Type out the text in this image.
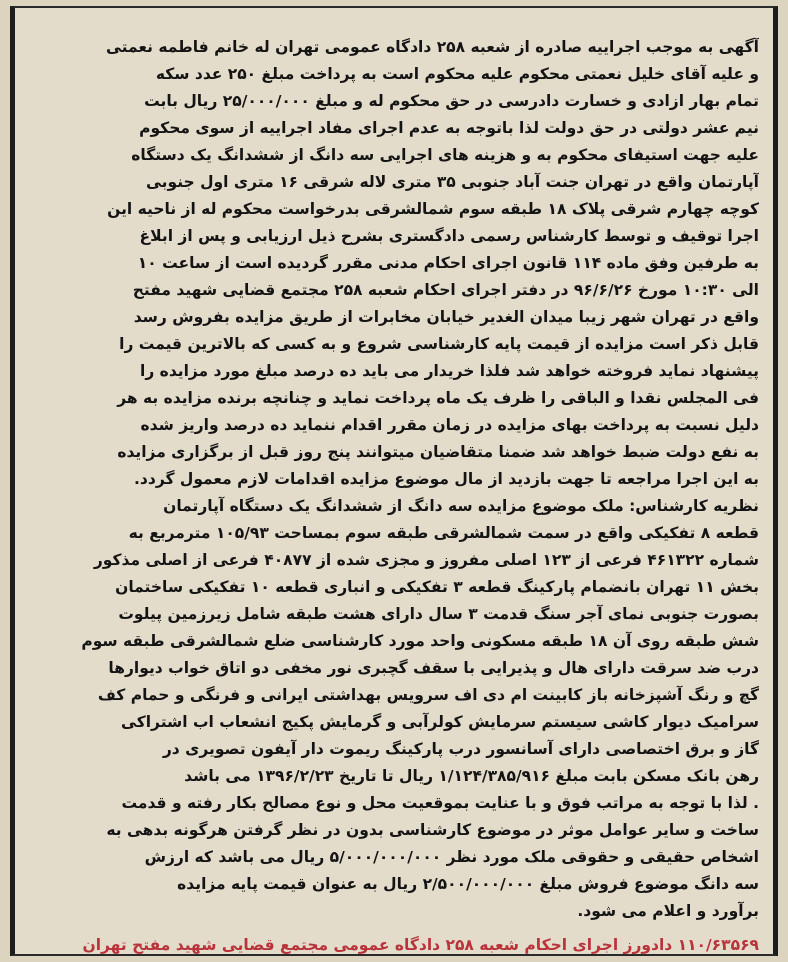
آگهی به موجب اجراییه صادره از شعبه ۲۵۸ دادگاه عمومی تهران له خانم فاطمه نعمتی
و علیه آقای خلیل نعمتی محکوم علیه محکوم است به پرداخت مبلغ ۲۵۰ عدد سکه
تمام بهار ازادی و خسارت دادرسی در حق محکوم له و مبلغ ۲۵/۰۰۰/۰۰۰ ریال بابت
نیم عشر دولتی در حق دولت لذا باتوجه به عدم اجرای مفاد اجراییه از سوی محکوم
علیه جهت استیفای محکوم به و هزینه های اجرایی سه دانگ از ششدانگ یک دستگاه
آپارتمان واقع در تهران جنت آباد جنوبی ۳۵ متری لاله شرقی ۱۶ متری اول جنوبی
کوچه چهارم شرقی پلاک ۱۸ طبقه سوم شمالشرقی بدرخواست محکوم له از ناحیه این
اجرا توقیف و توسط کارشناس رسمی دادگستری بشرح ذیل ارزیابی و پس از ابلاغ
به طرفین وفق ماده ۱۱۴ قانون اجرای احکام مدنی مقرر گردیده است از ساعت ۱۰
الی ۱۰:۳۰ مورخ ۹۶/۶/۲۶ در دفتر اجرای احکام شعبه ۲۵۸ مجتمع قضایی شهید مفتح
واقع در تهران شهر زیبا میدان الغدیر خیابان مخابرات از طریق مزایده بفروش رسد
قابل ذکر است مزایده از قیمت پایه کارشناسی شروع و به کسی که بالاترین قیمت را
پیشنهاد نماید فروخته خواهد شد فلذا خریدار می باید ده درصد مبلغ مورد مزایده را
فی المجلس نقدا و الباقی را ظرف یک ماه پرداخت نماید و چنانچه برنده مزایده به هر
دلیل نسبت به پرداخت بهای مزایده در زمان مقرر اقدام ننماید ده درصد واریز شده
به نفع دولت ضبط خواهد شد ضمنا متقاضیان میتوانند پنج روز قبل از برگزاری مزایده
به این اجرا مراجعه تا جهت بازدید از مال موضوع مزایده اقدامات لازم معمول گردد.
نظریه کارشناس: ملک موضوع مزایده سه دانگ از ششدانگ یک دستگاه آپارتمان
قطعه ۸ تفکیکی واقع در سمت شمالشرقی طبقه سوم بمساحت ۱۰۵/۹۳ مترمربع به
شماره ۴۶۱۳۲۲ فرعی از ۱۲۳ اصلی مفروز و مجزی شده از ۴۰۸۷۷ فرعی از اصلی مذکور
بخش ۱۱ تهران بانضمام پارکینگ قطعه ۳ تفکیکی و انباری قطعه ۱۰ تفکیکی ساختمان
بصورت جنوبی نمای آجر سنگ قدمت ۳ سال دارای هشت طبقه شامل زیرزمین پیلوت
شش طبقه روی آن ۱۸ طبقه مسکونی واحد مورد کارشناسی ضلع شمالشرقی طبقه سوم
درب ضد سرقت دارای هال و پذیرایی با سقف گچبری نور مخفی دو اتاق خواب دیوارها
گچ و رنگ آشپزخانه باز کابینت ام دی اف سرویس بهداشتی ایرانی و فرنگی و حمام کف
سرامیک دیوار کاشی سیستم سرمایش کولرآبی و گرمایش پکیج انشعاب اب اشتراکی
گاز و برق اختصاصی دارای آسانسور درب پارکینگ ریموت دار آیفون تصویری در
رهن بانک مسکن بابت مبلغ ۱/۱۲۴/۳۸۵/۹۱۶ ریال تا تاریخ ۱۳۹۶/۲/۲۳ می باشد
. لذا با توجه به مراتب فوق و با عنایت بموقعیت محل و نوع مصالح بکار رفته و قدمت
ساخت و سایر عوامل موثر در موضوع کارشناسی بدون در نظر گرفتن هرگونه بدهی به
اشخاص حقیقی و حقوقی ملک مورد نظر ۵/۰۰۰/۰۰۰/۰۰۰ ریال می باشد که ارزش
سه دانگ موضوع فروش مبلغ ۲/۵۰۰/۰۰۰/۰۰۰ ریال به عنوان قیمت پایه مزایده
برآورد و اعلام می شود.
۱۱۰/۶۳۵۶۹ دادورز اجرای احکام شعبه ۲۵۸ دادگاه عمومی مجتمع قضایی شهید مفتح تهران
